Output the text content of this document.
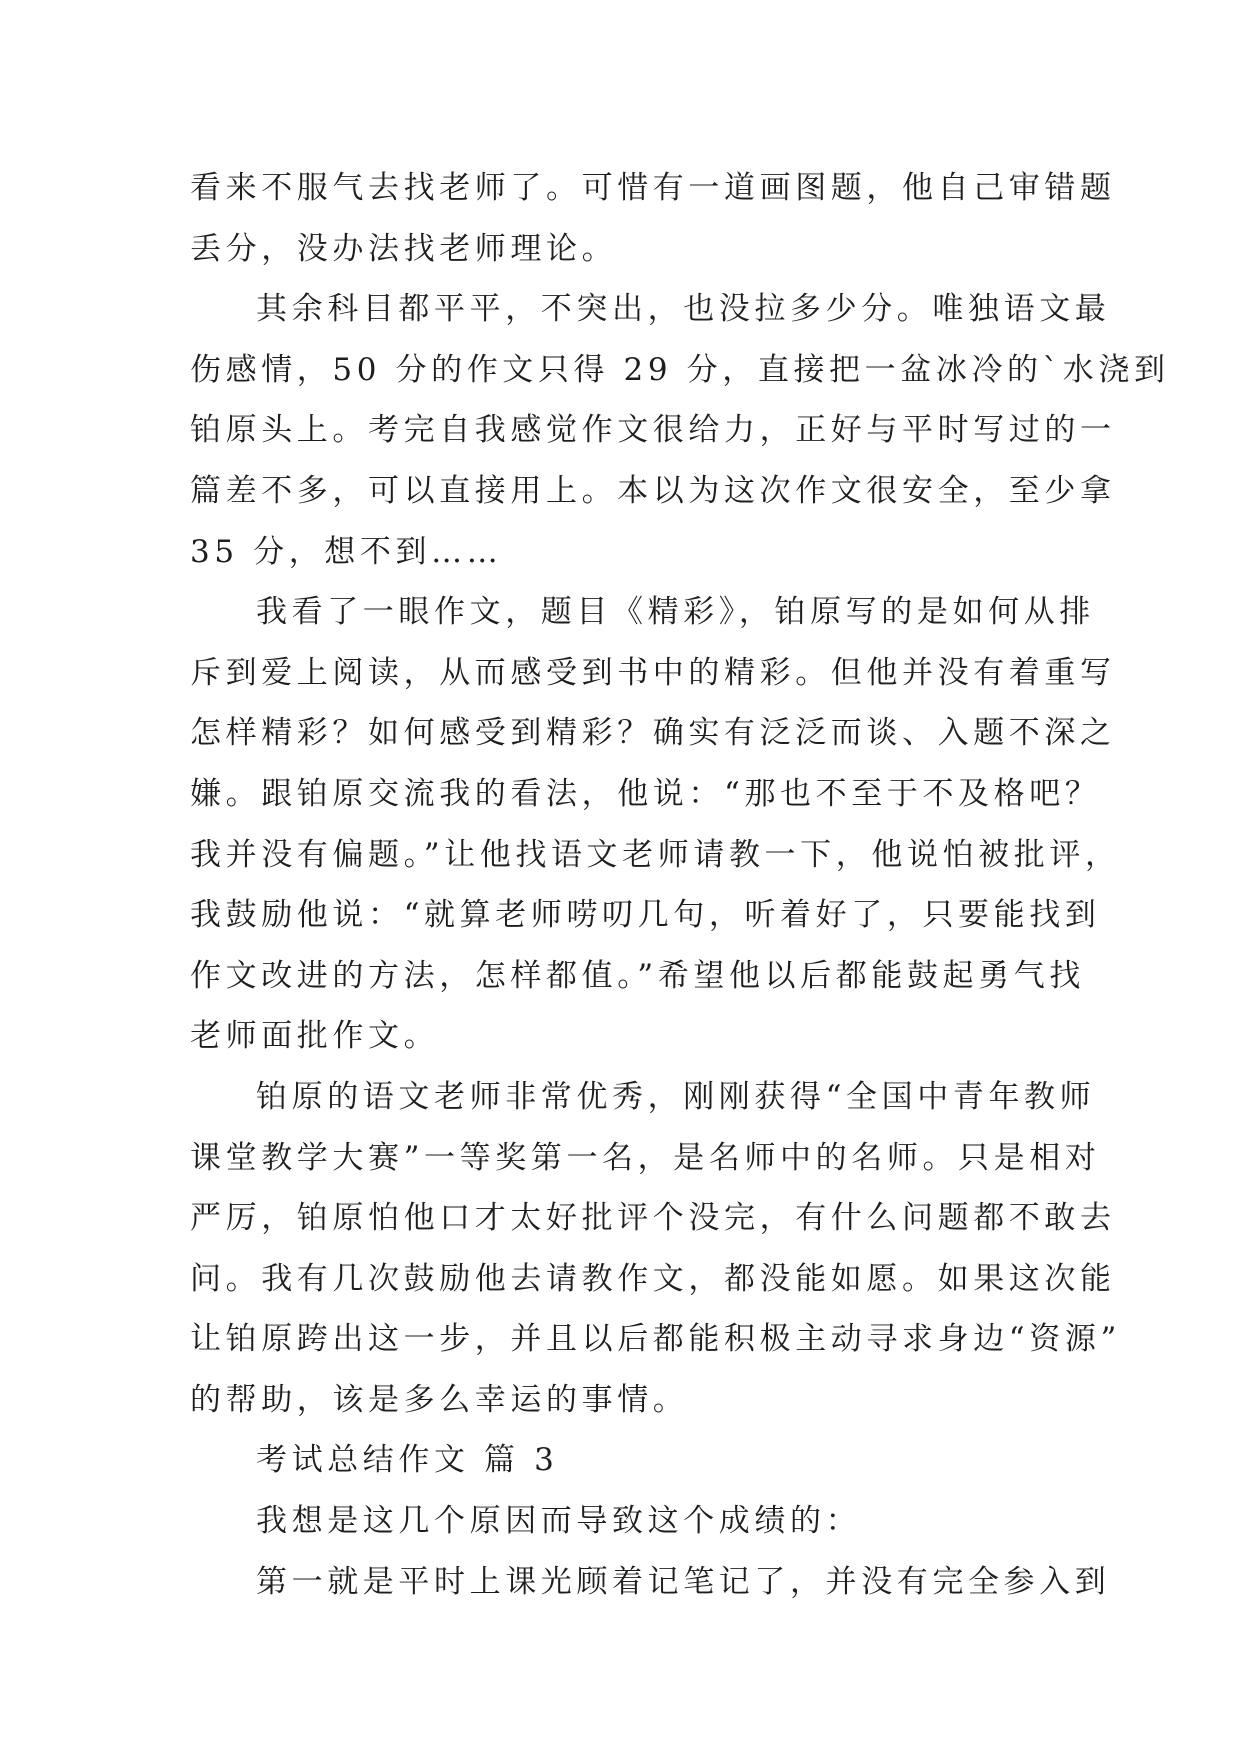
看来不服气去找老师了。可惜有一道画图题，他自己审错题
丢分，没办法找老师理论。
其余科目都平平，不突出，也没拉多少分。唯独语文最
伤感情，50 分的作文只得 29 分，直接把一盆冰冷的`水浇到
铂原头上。考完自我感觉作文很给力，正好与平时写过的一
篇差不多，可以直接用上。本以为这次作文很安全，至少拿
35 分，想不到……
我看了一眼作文，题目《精彩》，铂原写的是如何从排
斥到爱上阅读，从而感受到书中的精彩。但他并没有着重写
怎样精彩？如何感受到精彩？确实有泛泛而谈、入题不深之
嫌。跟铂原交流我的看法，他说：“那也不至于不及格吧？
我并没有偏题。”让他找语文老师请教一下，他说怕被批评，
我鼓励他说：“就算老师唠叨几句，听着好了，只要能找到
作文改进的方法，怎样都值。”希望他以后都能鼓起勇气找
老师面批作文。
铂原的语文老师非常优秀，刚刚获得“全国中青年教师
课堂教学大赛”一等奖第一名，是名师中的名师。只是相对
严厉，铂原怕他口才太好批评个没完，有什么问题都不敢去
问。我有几次鼓励他去请教作文，都没能如愿。如果这次能
让铂原跨出这一步，并且以后都能积极主动寻求身边“资源”
的帮助，该是多么幸运的事情。
考试总结作文 篇 3
我想是这几个原因而导致这个成绩的：
第一就是平时上课光顾着记笔记了，并没有完全参入到
